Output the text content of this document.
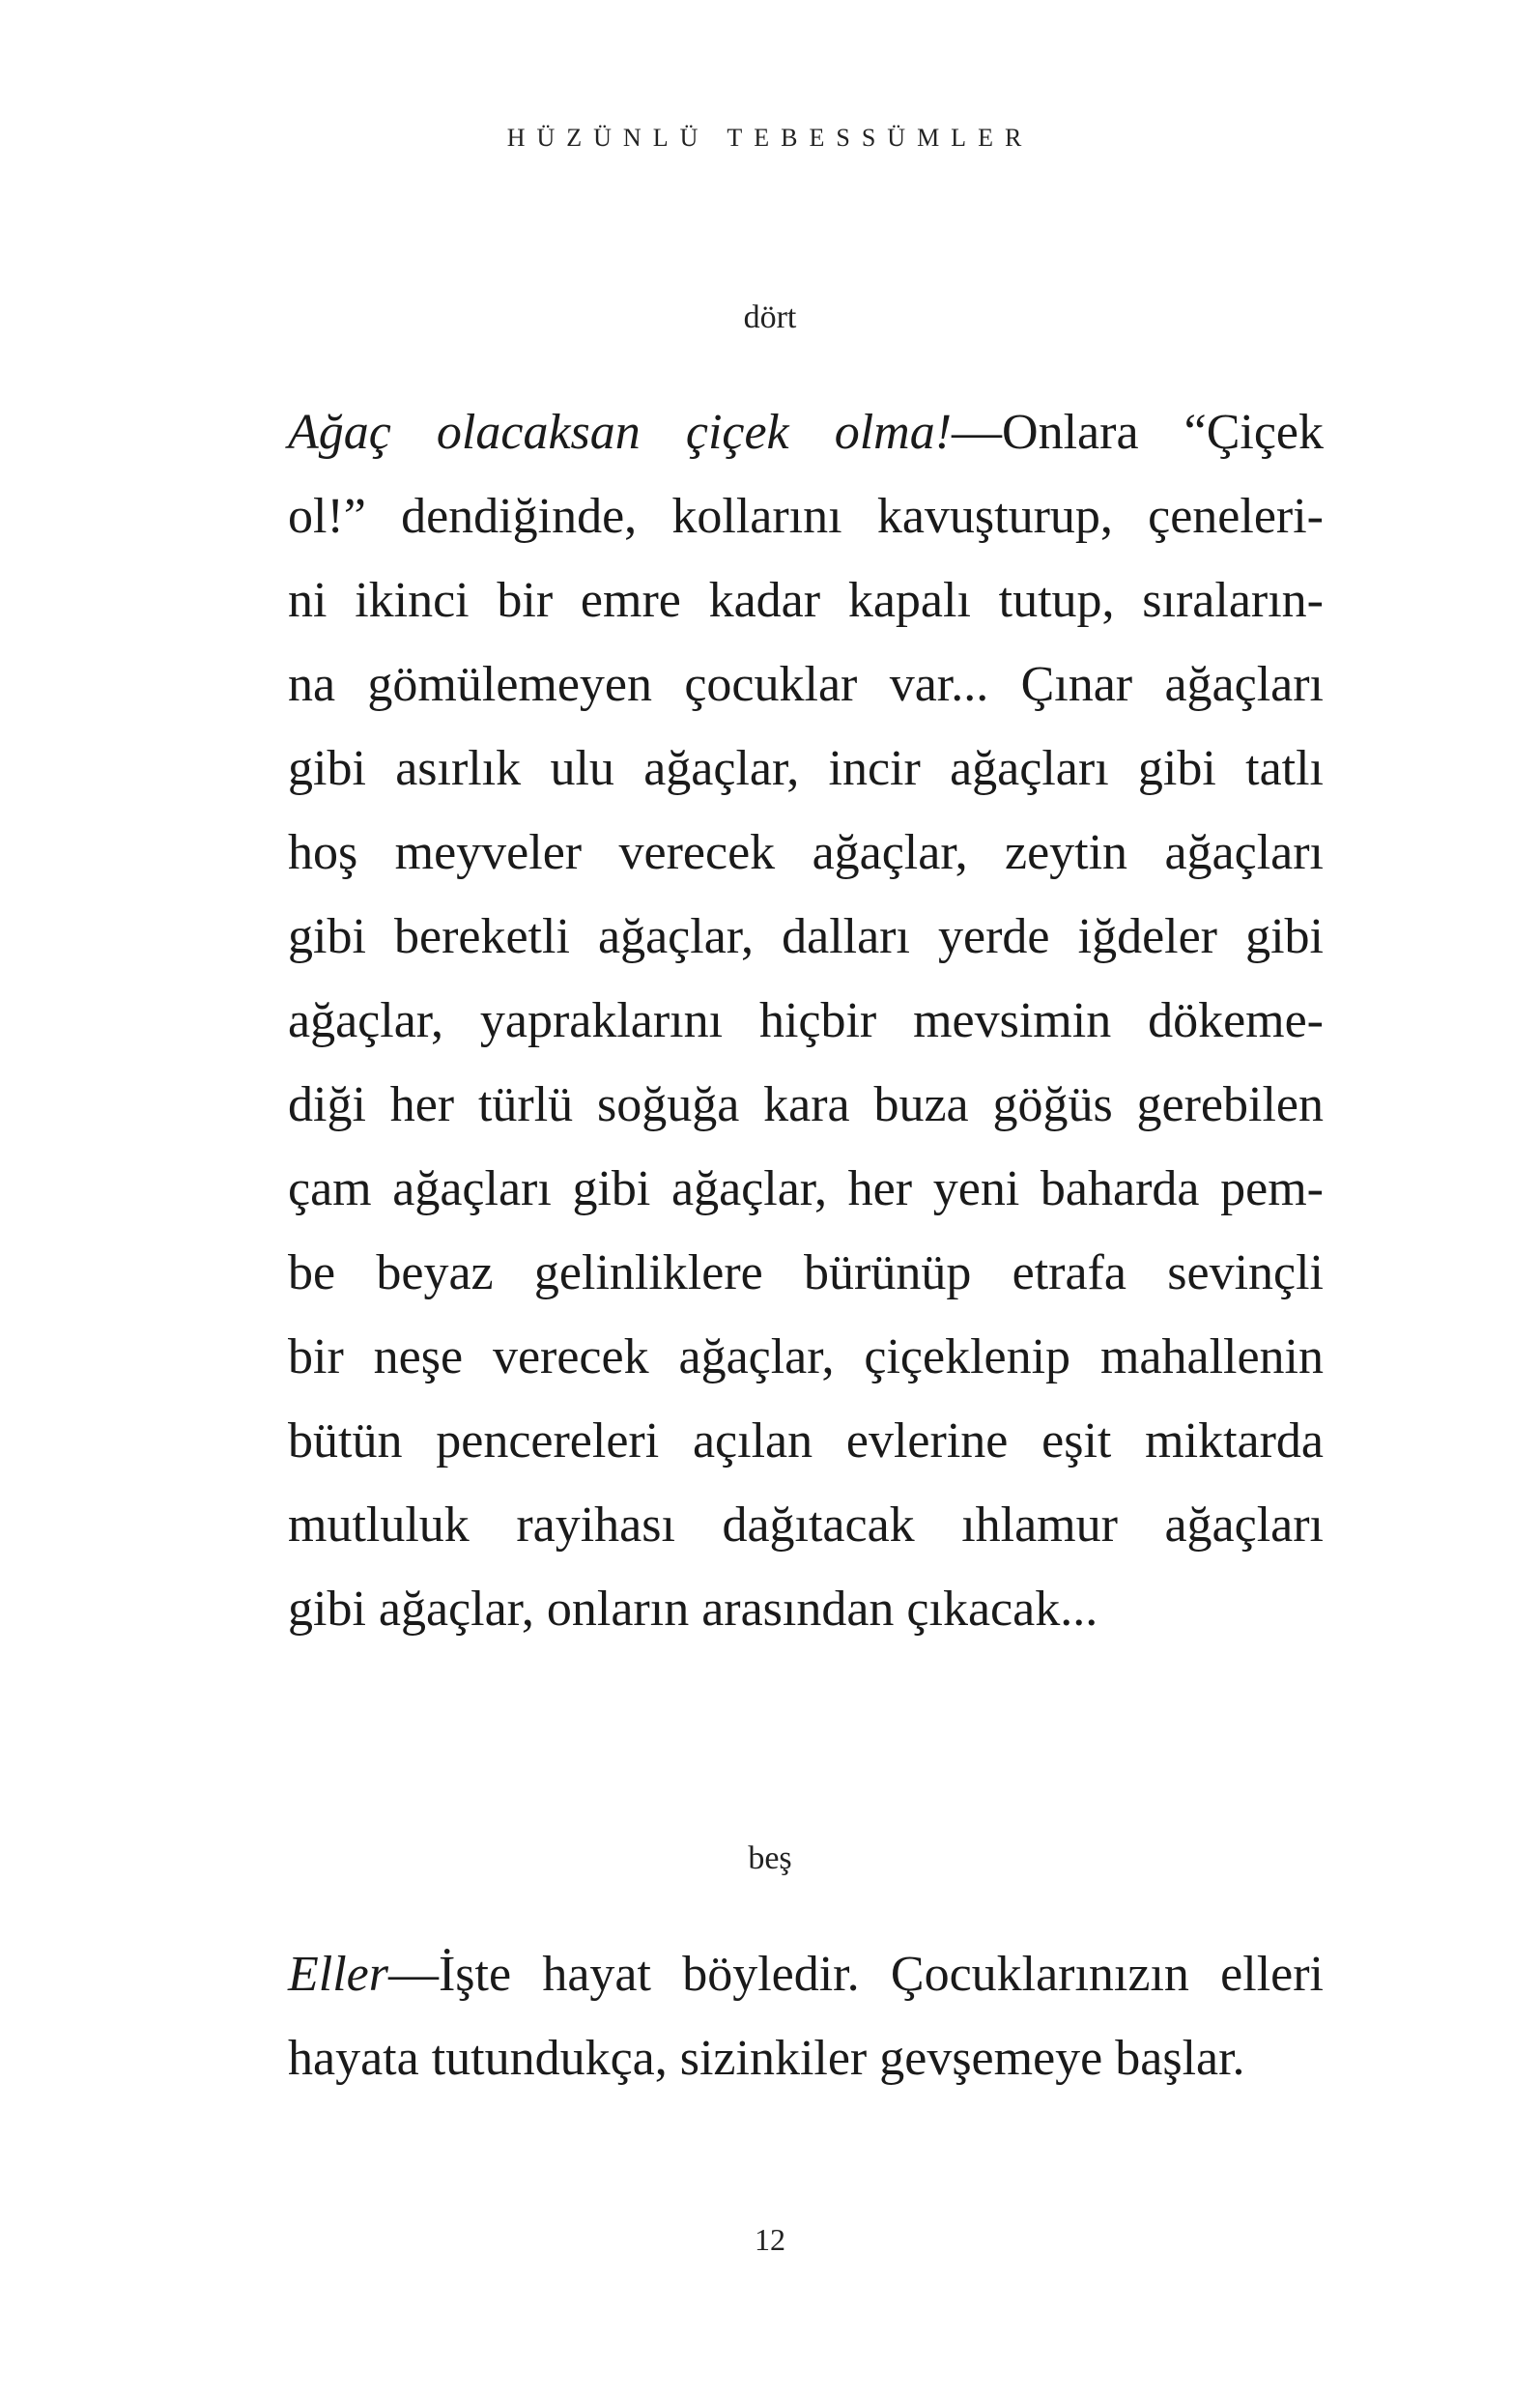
HÜZÜNLÜ TEBESSÜMLER
dört

Ağaç olacaksan çiçek olma!—Onlara “Çiçek
ol!” dendiğinde, kollarını kavuşturup, çeneleri-
ni ikinci bir emre kadar kapalı tutup, sıraların-
na gömülemeyen çocuklar var... Çınar ağaçları
gibi asırlık ulu ağaçlar, incir ağaçları gibi tatlı
hoş meyveler verecek ağaçlar, zeytin ağaçları
gibi bereketli ağaçlar, dalları yerde iğdeler gibi
ağaçlar, yapraklarını hiçbir mevsimin dökeme-
diği her türlü soğuğa kara buza göğüs gerebilen
çam ağaçları gibi ağaçlar, her yeni baharda pem-
be beyaz gelinliklere bürünüp etrafa sevinçli
bir neşe verecek ağaçlar, çiçeklenip mahallenin
bütün pencereleri açılan evlerine eşit miktarda
mutluluk rayihası dağıtacak ıhlamur ağaçları
gibi ağaçlar, onların arasından çıkacak...

beş

Eller—İşte hayat böyledir. Çocuklarınızın elleri
hayata tutundukça, sizinkiler gevşemeye başlar.

12
